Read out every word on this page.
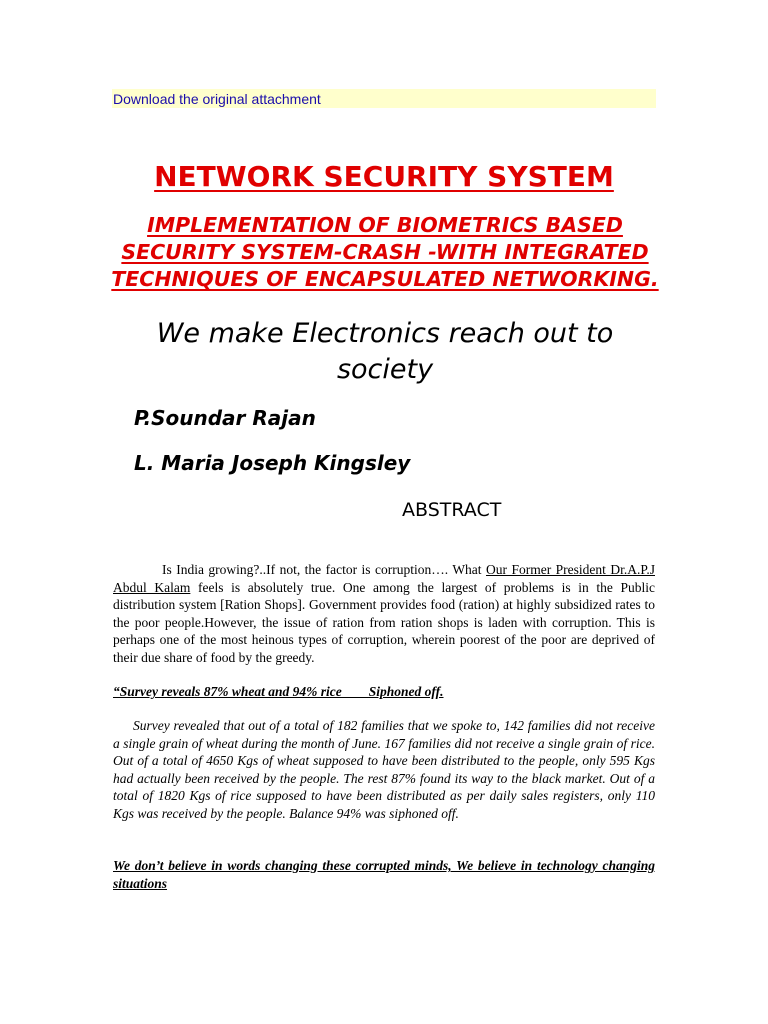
Download the original attachment
NETWORK SECURITY SYSTEM
IMPLEMENTATION OF BIOMETRICS BASED SECURITY SYSTEM-CRASH -WITH INTEGRATED TECHNIQUES OF ENCAPSULATED NETWORKING.
We make Electronics reach out to society
P.Soundar Rajan
L. Maria Joseph Kingsley
ABSTRACT

Is India growing?..If not, the factor is corruption…. What Our Former President Dr.A.P.J Abdul Kalam feels is absolutely true. One among the largest of problems is in the Public distribution system [Ration Shops]. Government provides food (ration) at highly subsidized rates to the poor people.However, the issue of ration from ration shops is laden with corruption. This is perhaps one of the most heinous types of corruption, wherein poorest of the poor are deprived of their due share of food by the greedy.

“Survey reveals 87% wheat and 94% rice        Siphoned off.

Survey revealed that out of a total of 182 families that we spoke to, 142 families did not receive a single grain of wheat during the month of June. 167 families did not receive a single grain of rice. Out of a total of 4650 Kgs of wheat supposed to have been distributed to the people, only 595 Kgs had actually been received by the people. The rest 87% found its way to the black market. Out of a total of 1820 Kgs of rice supposed to have been distributed as per daily sales registers, only 110 Kgs was received by the people. Balance 94% was siphoned off.

We don’t believe in words changing these corrupted minds, We believe in technology changing situations
